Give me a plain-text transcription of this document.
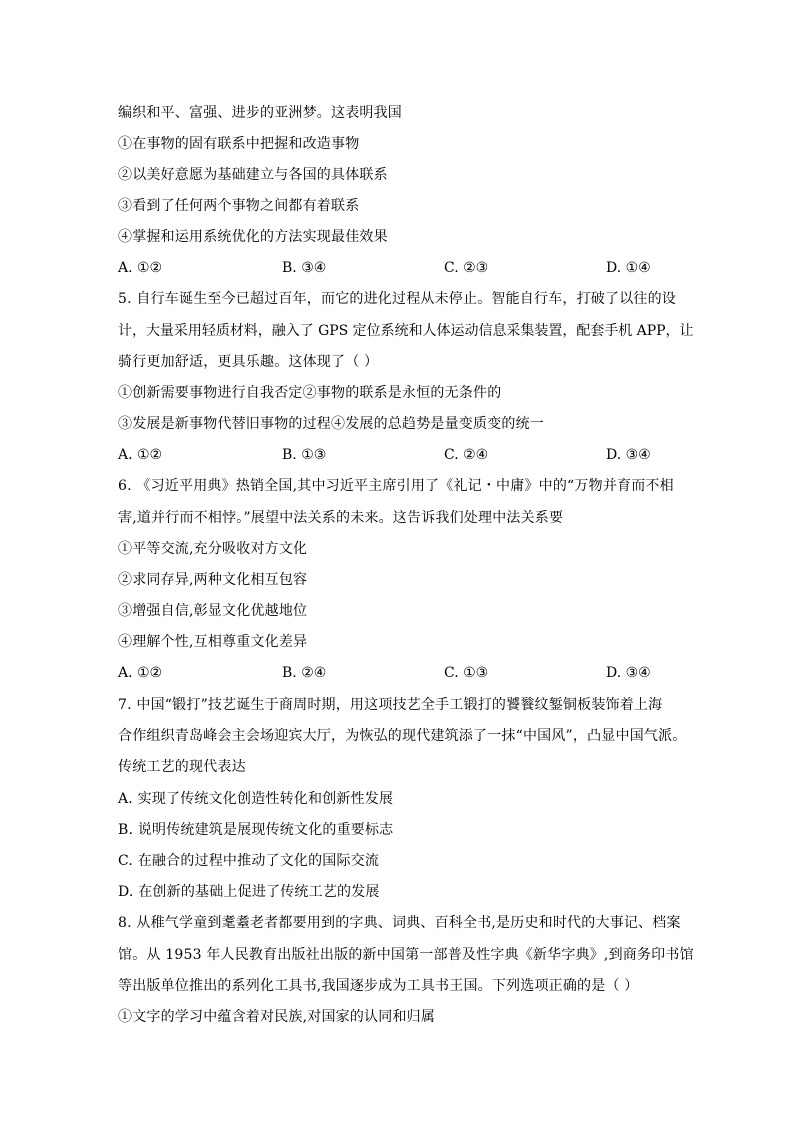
编织和平、富强、进步的亚洲梦。这表明我国
①在事物的固有联系中把握和改造事物
②以美好意愿为基础建立与各国的具体联系
③看到了任何两个事物之间都有着联系
④掌握和运用系统优化的方法实现最佳效果
A. ①②	B. ③④	C. ②③	D. ①④
5. 自行车诞生至今已超过百年，而它的进化过程从未停止。智能自行车，打破了以往的设
计，大量采用轻质材料，融入了 GPS 定位系统和人体运动信息采集装置，配套手机 APP，让
骑行更加舒适，更具乐趣。这体现了（ ）
①创新需要事物进行自我否定②事物的联系是永恒的无条件的
③发展是新事物代替旧事物的过程④发展的总趋势是量变质变的统一
A. ①②	B. ①③	C. ②④	D. ③④
6. 《习近平用典》热销全国,其中习近平主席引用了《礼记・中庸》中的“万物并育而不相
害,道并行而不相悖。”展望中法关系的未来。这告诉我们处理中法关系要
①平等交流,充分吸收对方文化
②求同存异,两种文化相互包容
③增强自信,彰显文化优越地位
④理解个性,互相尊重文化差异
A. ①②	B. ②④	C. ①③	D. ③④
7. 中国“锻打”技艺诞生于商周时期，用这项技艺全手工锻打的饕餮纹錾铜板装饰着上海
合作组织青岛峰会主会场迎宾大厅，为恢弘的现代建筑添了一抹“中国风”，凸显中国气派。
传统工艺的现代表达
A. 实现了传统文化创造性转化和创新性发展
B. 说明传统建筑是展现传统文化的重要标志
C. 在融合的过程中推动了文化的国际交流
D. 在创新的基础上促进了传统工艺的发展
8. 从稚气学童到耄耋老者都要用到的字典、词典、百科全书,是历史和时代的大事记、档案
馆。从 1953 年人民教育出版社出版的新中国第一部普及性字典《新华字典》,到商务印书馆
等出版单位推出的系列化工具书,我国逐步成为工具书王国。下列选项正确的是（ ）
①文字的学习中蕴含着对民族,对国家的认同和归属
